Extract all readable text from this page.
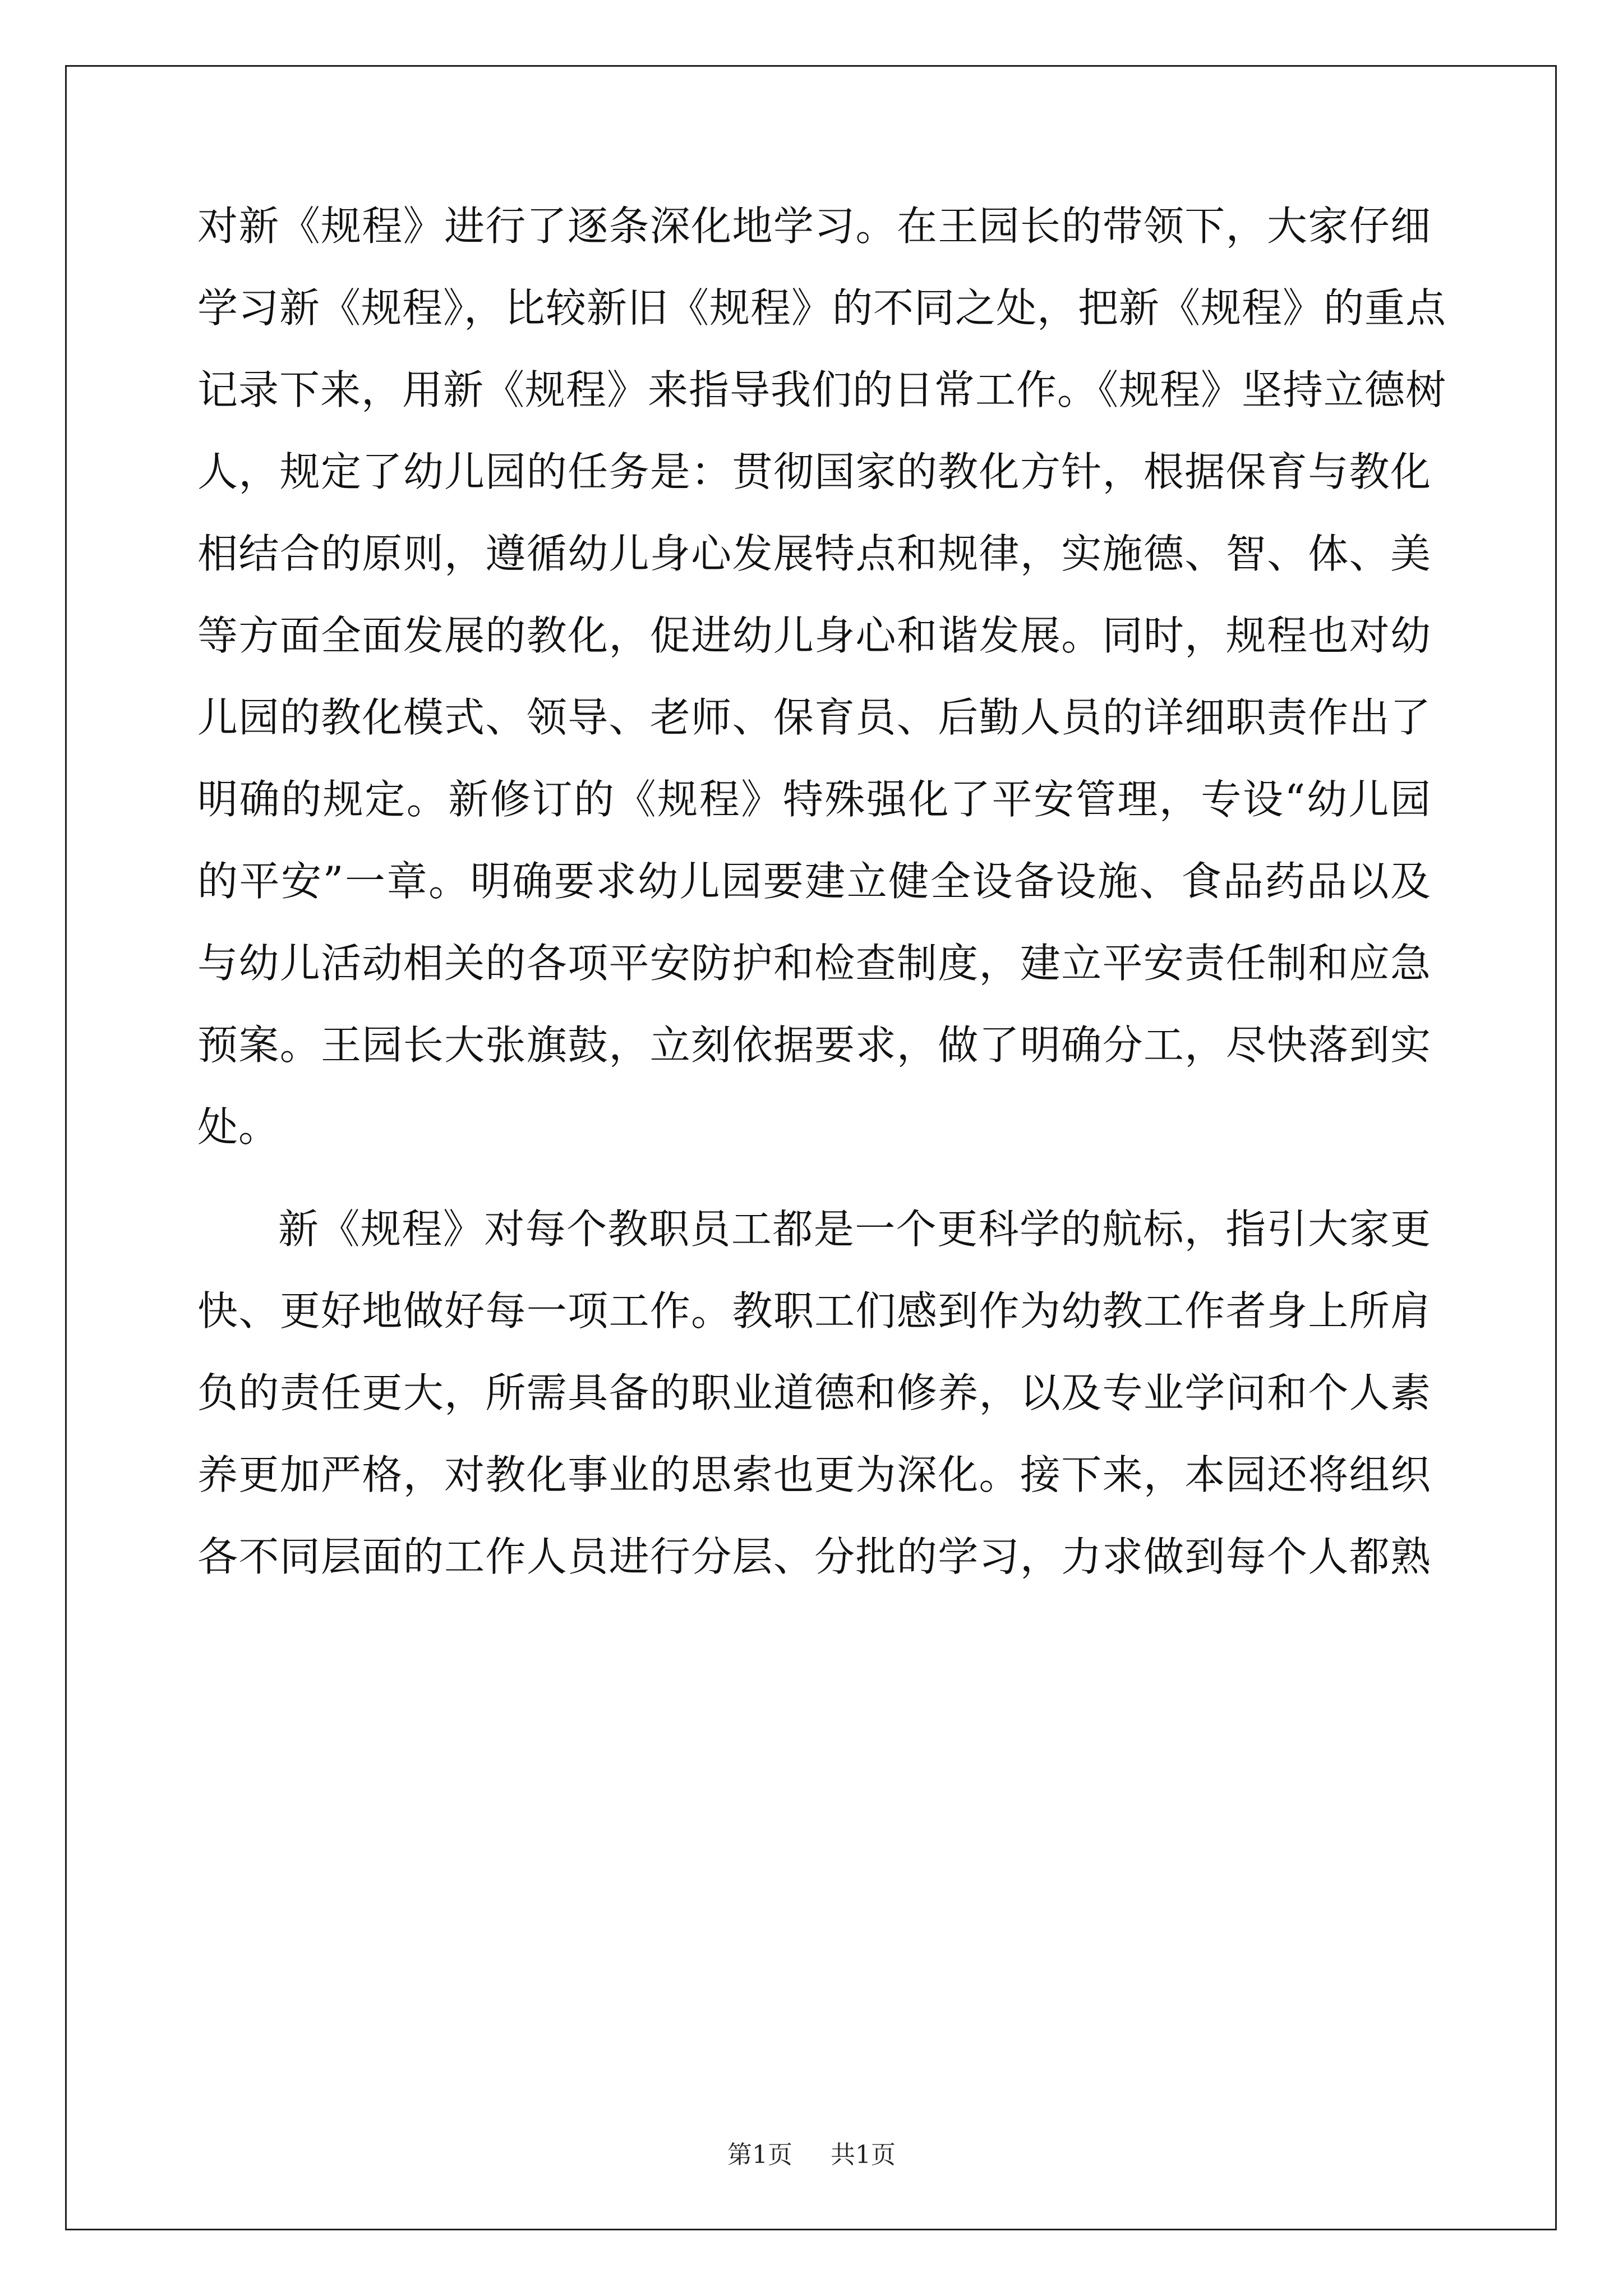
对新《规程》进行了逐条深化地学习。在王园长的带领下，大家仔细
学习新《规程》，比较新旧《规程》的不同之处，把新《规程》的重点
记录下来，用新《规程》来指导我们的日常工作。《规程》坚持立德树
人，规定了幼儿园的任务是：贯彻国家的教化方针，根据保育与教化
相结合的原则，遵循幼儿身心发展特点和规律，实施德、智、体、美
等方面全面发展的教化，促进幼儿身心和谐发展。同时，规程也对幼
儿园的教化模式、领导、老师、保育员、后勤人员的详细职责作出了
明确的规定。新修订的《规程》特殊强化了平安管理，专设“幼儿园
的平安”一章。明确要求幼儿园要建立健全设备设施、食品药品以及
与幼儿活动相关的各项平安防护和检查制度，建立平安责任制和应急
预案。王园长大张旗鼓，立刻依据要求，做了明确分工，尽快落到实
处。
新《规程》对每个教职员工都是一个更科学的航标，指引大家更
快、更好地做好每一项工作。教职工们感到作为幼教工作者身上所肩
负的责任更大，所需具备的职业道德和修养，以及专业学问和个人素
养更加严格，对教化事业的思索也更为深化。接下来，本园还将组织
各不同层面的工作人员进行分层、分批的学习，力求做到每个人都熟
第1页 共1页
